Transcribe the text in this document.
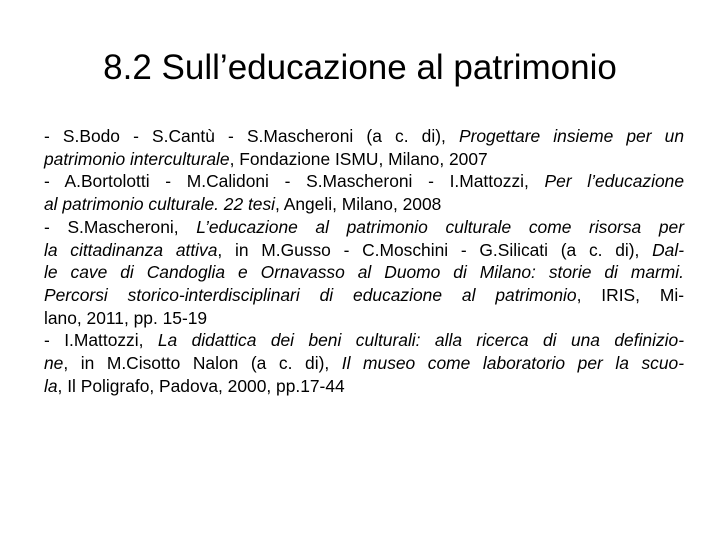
8.2 Sull’educazione al patrimonio
- S.Bodo - S.Cantù - S.Mascheroni (a c. di), Progettare insieme per un
patrimonio interculturale, Fondazione ISMU, Milano, 2007
- A.Bortolotti - M.Calidoni - S.Mascheroni - I.Mattozzi, Per l’educazione
al patrimonio culturale. 22 tesi, Angeli, Milano, 2008
- S.Mascheroni, L’educazione al patrimonio culturale come risorsa per
la cittadinanza attiva, in M.Gusso - C.Moschini - G.Silicati (a c. di), Dal-
le cave di Candoglia e Ornavasso al Duomo di Milano: storie di marmi.
Percorsi storico-interdisciplinari di educazione al patrimonio, IRIS, Mi-
lano, 2011, pp. 15-19
- I.Mattozzi, La didattica dei beni culturali: alla ricerca di una definizio-
ne, in M.Cisotto Nalon (a c. di), Il museo come laboratorio per la scuo-
la, Il Poligrafo, Padova, 2000, pp.17-44
